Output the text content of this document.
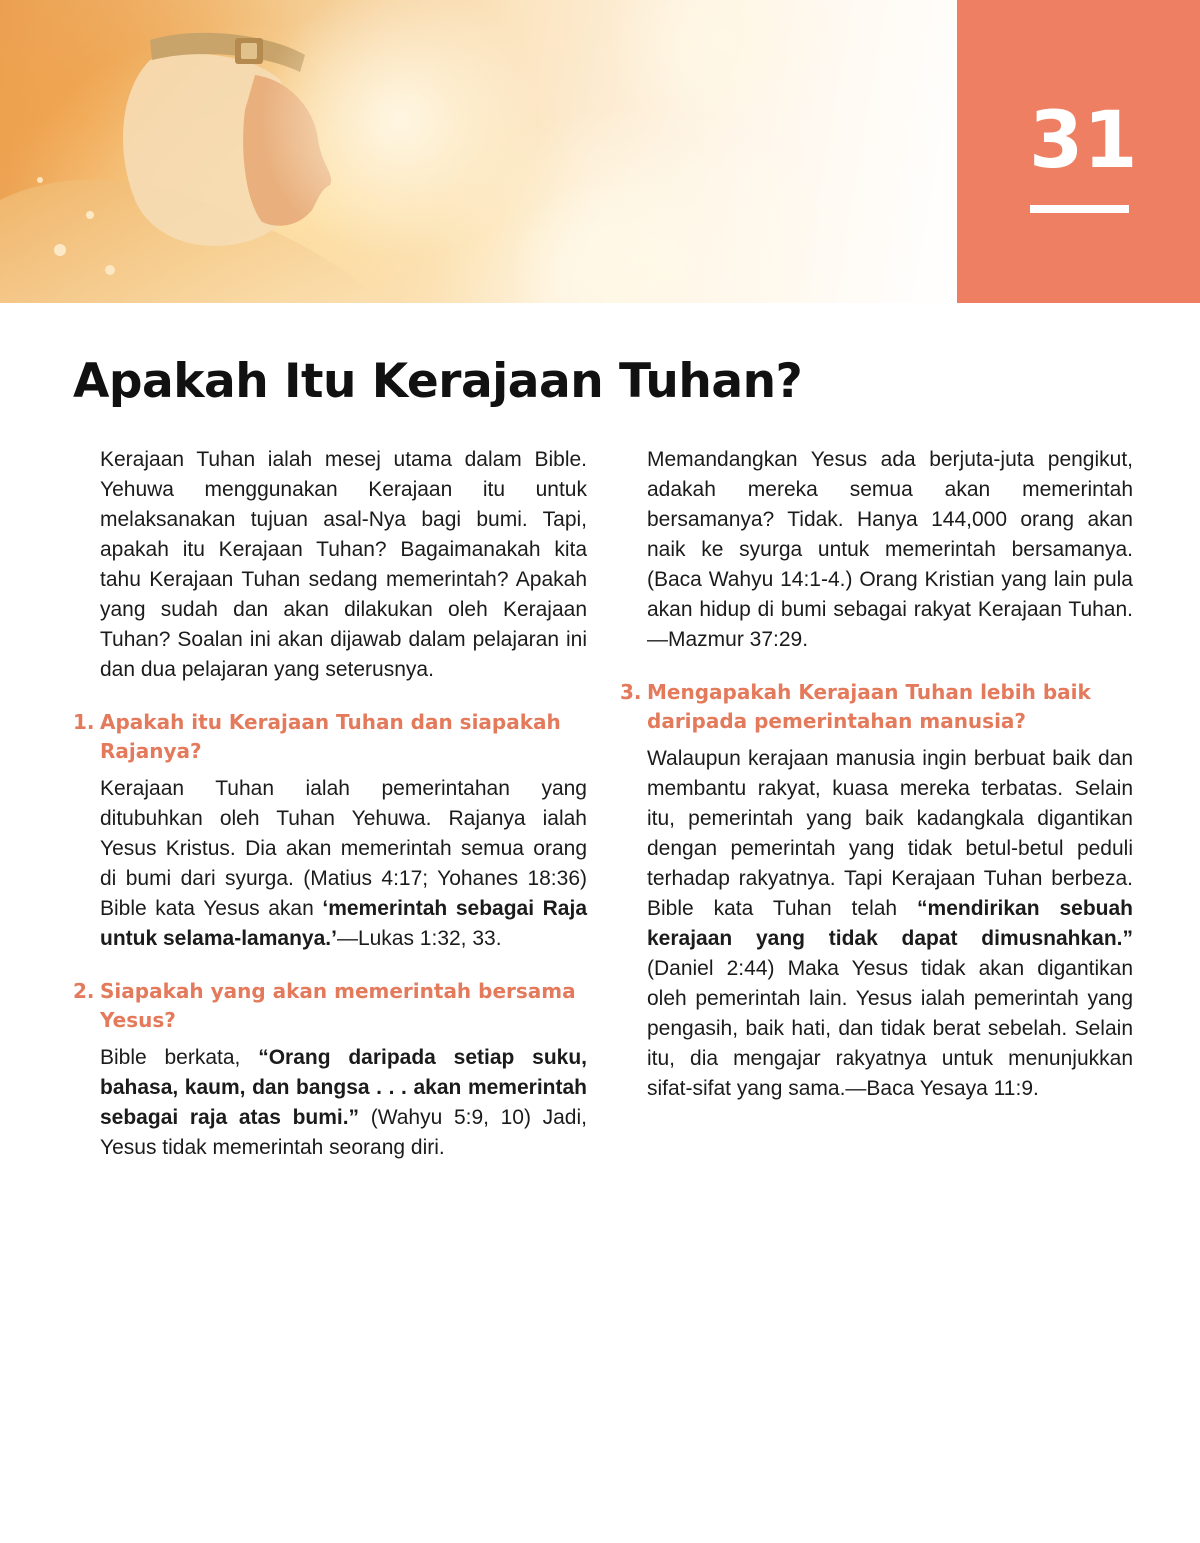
31
Apakah Itu Kerajaan Tuhan?

Kerajaan Tuhan ialah mesej utama dalam Bible. Yehuwa menggunakan Kerajaan itu untuk melaksanakan tujuan asal-Nya bagi bumi. Tapi, apakah itu Kerajaan Tuhan? Bagaimanakah kita tahu Kerajaan Tuhan sedang memerintah? Apakah yang sudah dan akan dilakukan oleh Kerajaan Tuhan? Soalan ini akan dijawab dalam pelajaran ini dan dua pelajaran yang seterusnya.

1. Apakah itu Kerajaan Tuhan dan siapakah Rajanya?

Kerajaan Tuhan ialah pemerintahan yang ditubuhkan oleh Tuhan Yehuwa. Rajanya ialah Yesus Kristus. Dia akan memerintah semua orang di bumi dari syurga. (Matius 4:17; Yohanes 18:36) Bible kata Yesus akan ‘memerintah sebagai Raja untuk selama-lamanya.’—Lukas 1:32, 33.

2. Siapakah yang akan memerintah bersama Yesus?

Bible berkata, “Orang daripada setiap suku, bahasa, kaum, dan bangsa . . . akan memerintah sebagai raja atas bumi.” (Wahyu 5:9, 10) Jadi, Yesus tidak memerintah seorang diri.

Memandangkan Yesus ada berjuta-juta pengikut, adakah mereka semua akan memerintah bersamanya? Tidak. Hanya 144,000 orang akan naik ke syurga untuk memerintah bersamanya. (Baca Wahyu 14:1-4.) Orang Kristian yang lain pula akan hidup di bumi sebagai rakyat Kerajaan Tuhan.—Mazmur 37:29.

3. Mengapakah Kerajaan Tuhan lebih baik daripada pemerintahan manusia?

Walaupun kerajaan manusia ingin berbuat baik dan membantu rakyat, kuasa mereka terbatas. Selain itu, pemerintah yang baik kadangkala digantikan dengan pemerintah yang tidak betul-betul peduli terhadap rakyatnya. Tapi Kerajaan Tuhan berbeza. Bible kata Tuhan telah “mendirikan sebuah kerajaan yang tidak dapat dimusnahkan.” (Daniel 2:44) Maka Yesus tidak akan digantikan oleh pemerintah lain. Yesus ialah pemerintah yang pengasih, baik hati, dan tidak berat sebelah. Selain itu, dia mengajar rakyatnya untuk menunjukkan sifat-sifat yang sama.—Baca Yesaya 11:9.
